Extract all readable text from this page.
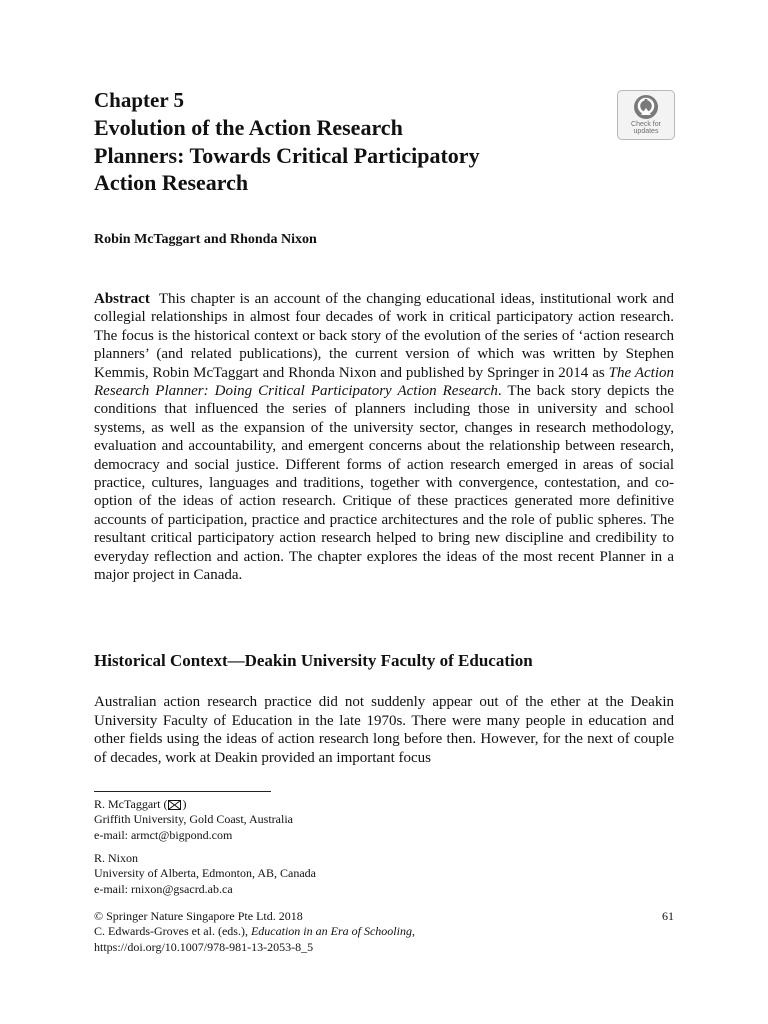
Chapter 5
Evolution of the Action Research
Planners: Towards Critical Participatory
Action Research
Check for
updates
Robin McTaggart and Rhonda Nixon

Abstract This chapter is an account of the changing educational ideas, institutional work and collegial relationships in almost four decades of work in critical participatory action research. The focus is the historical context or back story of the evolution of the series of ‘action research planners’ (and related publications), the current version of which was written by Stephen Kemmis, Robin McTaggart and Rhonda Nixon and published by Springer in 2014 as The Action Research Planner: Doing Critical Participatory Action Research. The back story depicts the conditions that influenced the series of planners including those in university and school systems, as well as the expansion of the university sector, changes in research methodology, evaluation and accountability, and emergent concerns about the relationship between research, democracy and social justice. Different forms of action research emerged in areas of social practice, cultures, languages and traditions, together with convergence, contestation, and co-option of the ideas of action research. Critique of these practices generated more definitive accounts of participation, practice and practice architectures and the role of public spheres. The resultant critical participatory action research helped to bring new discipline and credibility to everyday reflection and action. The chapter explores the ideas of the most recent Planner in a major project in Canada.

Historical Context—Deakin University Faculty of Education

Australian action research practice did not suddenly appear out of the ether at the Deakin University Faculty of Education in the late 1970s. There were many people in education and other fields using the ideas of action research long before then. However, for the next of couple of decades, work at Deakin provided an important focus

R. McTaggart ( )
Griffith University, Gold Coast, Australia
e-mail: armct@bigpond.com
R. Nixon
University of Alberta, Edmonton, AB, Canada
e-mail: rnixon@gsacrd.ab.ca
© Springer Nature Singapore Pte Ltd. 2018
C. Edwards-Groves et al. (eds.), Education in an Era of Schooling,
https://doi.org/10.1007/978-981-13-2053-8_5
61
